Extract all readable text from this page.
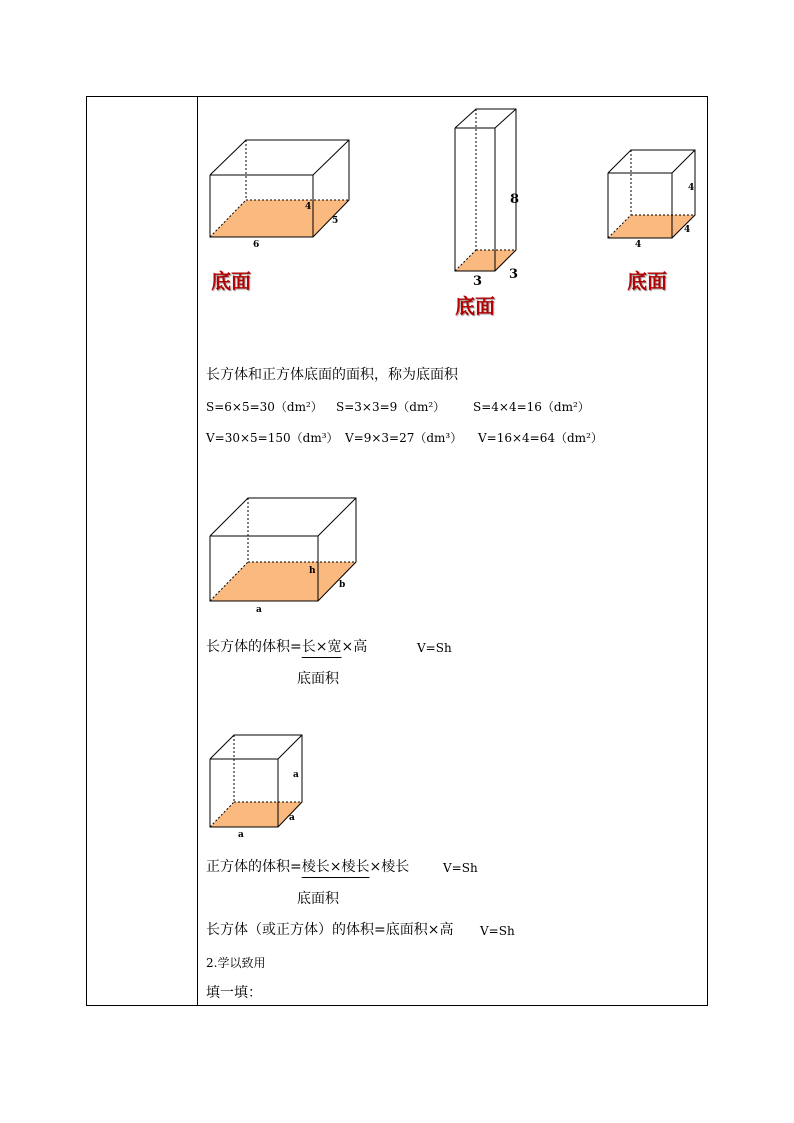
6
5
4
底面	3 3
8
底面
4
4
4
底面
长方体和正方体底面的面积，称为底面积
S=6×5=30（dm²） S=3×3=9（dm²） S=4×4=16（dm²）
V=30×5=150（dm³） V=9×3=27（dm³） V=16×4=64（dm²）
a
b
h
长方体的体积=长×宽×高	V=Sh
底面积
a
a
a
正方体的体积=棱长×棱长×棱长	V=Sh
底面积
长方体（或正方体）的体积=底面积×高 V=Sh
2.学以致用
填一填：
